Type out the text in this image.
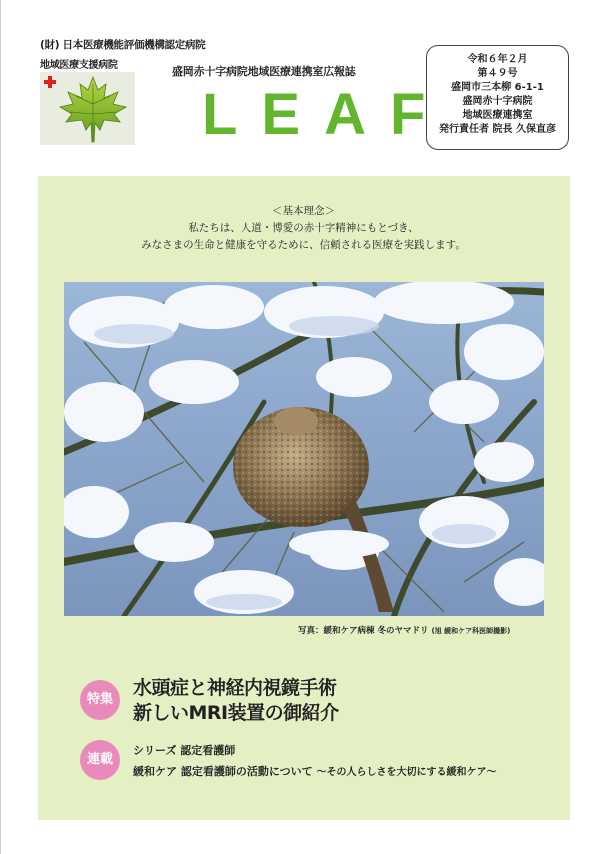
(財) 日本医療機能評価機構認定病院
地域医療支援病院	盛岡赤十字病院地域医療連携室広報誌
LEAF
令和６年２月
第４９号
盛岡市三本柳 6-1-1
盛岡赤十字病院
地域医療連携室
発行責任者 院長 久保直彦
＜基本理念＞
私たちは、人道・博愛の赤十字精神にもとづき、
みなさまの生命と健康を守るために、信頼される医療を実践します。
写真：緩和ケア病棟 冬のヤマドリ (旭 緩和ケア科医師撮影)
特集
水頭症と神経内視鏡手術
新しいMRI装置の御紹介
連載
シリーズ 認定看護師
緩和ケア 認定看護師の活動について ～その人らしさを大切にする緩和ケア～
